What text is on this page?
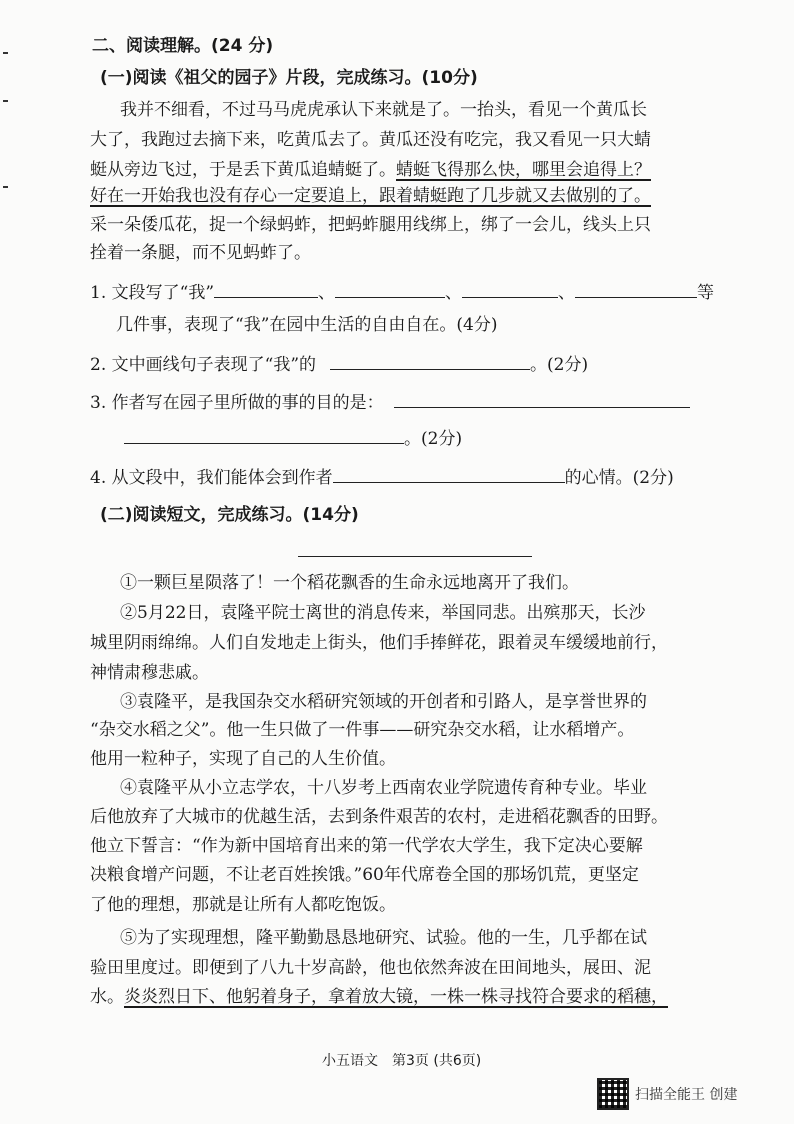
二、阅读理解。(24 分)
(一)阅读《祖父的园子》片段，完成练习。(10分)
我并不细看，不过马马虎虎承认下来就是了。一抬头，看见一个黄瓜长
大了，我跑过去摘下来，吃黄瓜去了。黄瓜还没有吃完，我又看见一只大蜻
蜓从旁边飞过，于是丢下黄瓜追蜻蜓了。蜻蜓飞得那么快，哪里会追得上？
好在一开始我也没有存心一定要追上，跟着蜻蜓跑了几步就又去做别的了。
采一朵倭瓜花，捉一个绿蚂蚱，把蚂蚱腿用线绑上，绑了一会儿，线头上只
拴着一条腿，而不见蚂蚱了。
1. 文段写了“我”	、	、	、	等
几件事，表现了“我”在园中生活的自由自在。(4分)
2. 文中画线句子表现了“我”的	。(2分)
3. 作者写在园子里所做的事的目的是：
。(2分)
4. 从文段中，我们能体会到作者	的心情。(2分)
(二)阅读短文，完成练习。(14分)
①一颗巨星陨落了！一个稻花飘香的生命永远地离开了我们。
②5月22日，袁隆平院士离世的消息传来，举国同悲。出殡那天，长沙
城里阴雨绵绵。人们自发地走上街头，他们手捧鲜花，跟着灵车缓缓地前行，
神情肃穆悲戚。
③袁隆平，是我国杂交水稻研究领域的开创者和引路人，是享誉世界的
“杂交水稻之父”。他一生只做了一件事——研究杂交水稻，让水稻增产。
他用一粒种子，实现了自己的人生价值。
④袁隆平从小立志学农，十八岁考上西南农业学院遗传育种专业。毕业
后他放弃了大城市的优越生活，去到条件艰苦的农村，走进稻花飘香的田野。
他立下誓言：“作为新中国培育出来的第一代学农大学生，我下定决心要解
决粮食增产问题，不让老百姓挨饿。”60年代席卷全国的那场饥荒，更坚定
了他的理想，那就是让所有人都吃饱饭。
⑤为了实现理想，隆平勤勤恳恳地研究、试验。他的一生，几乎都在试
验田里度过。即便到了八九十岁高龄，他也依然奔波在田间地头，展田、泥
水。炎炎烈日下、他躬着身子，拿着放大镜，一株一株寻找符合要求的稻穗，
小五语文　第3页 (共6页)
扫描全能王 创建
